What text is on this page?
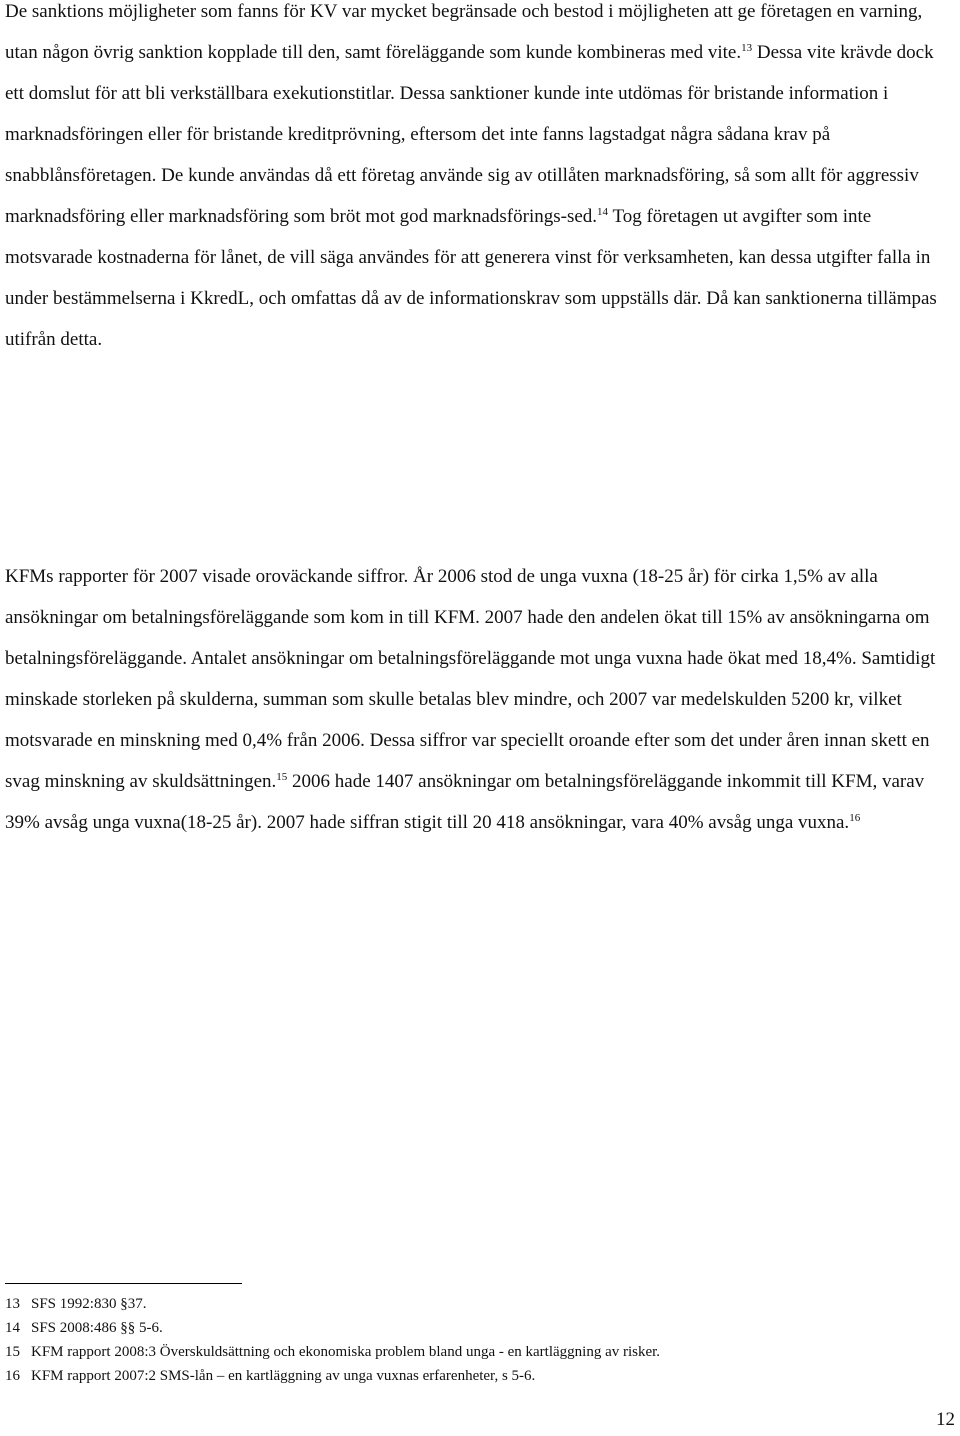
De sanktions möjligheter som fanns för KV var mycket begränsade och bestod i möjligheten att ge företagen en varning, utan någon övrig sanktion kopplade till den, samt föreläggande som kunde kombineras med vite.$^{13}$ Dessa vite krävde dock ett domslut för att bli verkställbara exekutionstitlar. Dessa sanktioner kunde inte utdömas för bristande information i marknadsföringen eller för bristande kreditprövning, eftersom det inte fanns lagstadgat några sådana krav på snabblånsföretagen. De kunde användas då ett företag använde sig av otillåten marknadsföring, så som allt för aggressiv marknadsföring eller marknadsföring som bröt mot god marknadsförings-sed.$^{14}$ Tog företagen ut avgifter som inte motsvarade kostnaderna för lånet, de vill säga användes för att generera vinst för verksamheten, kan dessa utgifter falla in under bestämmelserna i KkredL, och omfattas då av de informationskrav som uppställs där. Då kan sanktionerna tillämpas utifrån detta.

KFMs rapporter för 2007 visade oroväckande siffror. År 2006 stod de unga vuxna (18-25 år) för cirka 1,5% av alla ansökningar om betalningsföreläggande som kom in till KFM. 2007 hade den andelen ökat till 15% av ansökningarna om betalningsföreläggande. Antalet ansökningar om betalningsföreläggande mot unga vuxna hade ökat med 18,4%. Samtidigt minskade storleken på skulderna, summan som skulle betalas blev mindre, och 2007 var medelskulden 5200 kr, vilket motsvarade en minskning med 0,4% från 2006. Dessa siffror var speciellt oroande efter som det under åren innan skett en svag minskning av skuldsättningen.$^{15}$ 2006 hade 1407 ansökningar om betalningsföreläggande inkommit till KFM, varav 39% avsåg unga vuxna(18-25 år). 2007 hade siffran stigit till 20 418 ansökningar, vara 40% avsåg unga vuxna.$^{16}$

13 SFS 1992:830 §37.
14 SFS 2008:486 §§ 5-6.
15 KFM rapport 2008:3 Överskuldsättning och ekonomiska problem bland unga - en kartläggning av risker.
16 KFM rapport 2007:2 SMS-lån – en kartläggning av unga vuxnas erfarenheter, s 5-6.
12
